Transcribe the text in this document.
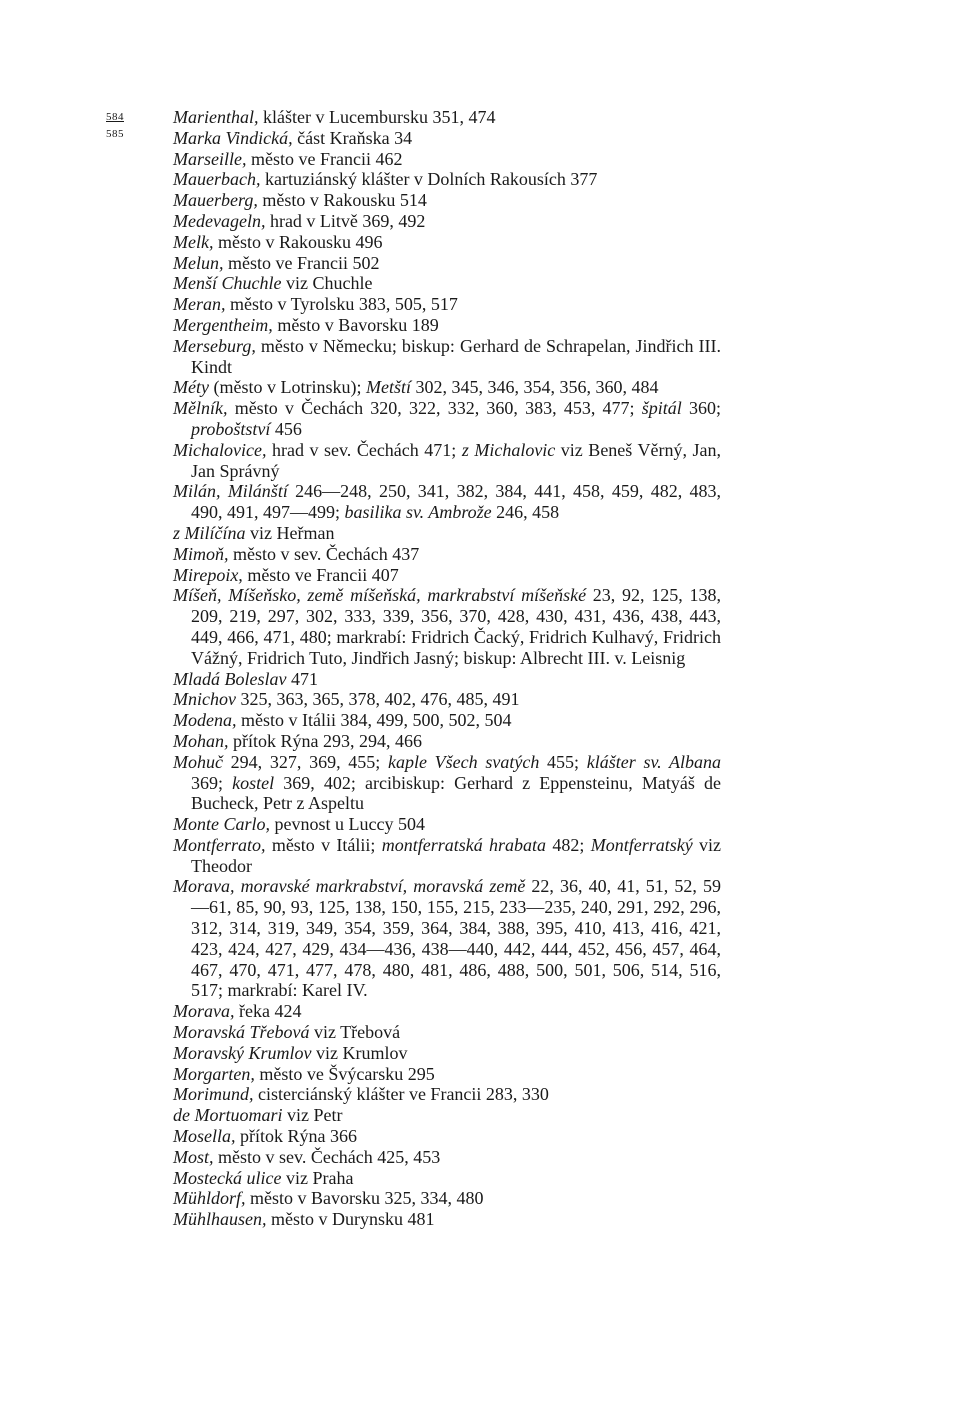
584
585

Marienthal, klášter v Lucembursku 351, 474

Marka Vindická, část Kraňska 34

Marseille, město ve Francii 462

Mauerbach, kartuziánský klášter v Dolních Rakousích 377

Mauerberg, město v Rakousku 514

Medevageln, hrad v Litvě 369, 492

Melk, město v Rakousku 496

Melun, město ve Francii 502

Menší Chuchle viz Chuchle

Meran, město v Tyrolsku 383, 505, 517

Mergentheim, město v Bavorsku 189

Merseburg, město v Německu; biskup: Gerhard de Schrapelan, Jindřich III. Kindt

Méty (město v Lotrinsku); Metští 302, 345, 346, 354, 356, 360, 484

Mělník, město v Čechách 320, 322, 332, 360, 383, 453, 477; špitál 360; proboštství 456

Michalovice, hrad v sev. Čechách 471; z Michalovic viz Beneš Věrný, Jan, Jan Správný

Milán, Milánští 246—248, 250, 341, 382, 384, 441, 458, 459, 482, 483, 490, 491, 497—499; basilika sv. Ambrože 246, 458

z Milíčína viz Heřman

Mimoň, město v sev. Čechách 437

Mirepoix, město ve Francii 407

Míšeň, Míšeňsko, země míšeňská, markrabství míšeňské 23, 92, 125, 138, 209, 219, 297, 302, 333, 339, 356, 370, 428, 430, 431, 436, 438, 443, 449, 466, 471, 480; markrabí: Fridrich Čacký, Fridrich Kulhavý, Fridrich Vážný, Fridrich Tuto, Jindřich Jasný; biskup: Albrecht III. v. Leisnig

Mladá Boleslav 471

Mnichov 325, 363, 365, 378, 402, 476, 485, 491

Modena, město v Itálii 384, 499, 500, 502, 504

Mohan, přítok Rýna 293, 294, 466

Mohuč 294, 327, 369, 455; kaple Všech svatých 455; klášter sv. Albana 369; kostel 369, 402; arcibiskup: Gerhard z Eppensteinu, Matyáš de Bucheck, Petr z Aspeltu

Monte Carlo, pevnost u Luccy 504

Montferrato, město v Itálii; montferratská hrabata 482; Montferratský viz Theodor

Morava, moravské markrabství, moravská země 22, 36, 40, 41, 51, 52, 59—61, 85, 90, 93, 125, 138, 150, 155, 215, 233—235, 240, 291, 292, 296, 312, 314, 319, 349, 354, 359, 364, 384, 388, 395, 410, 413, 416, 421, 423, 424, 427, 429, 434—436, 438—440, 442, 444, 452, 456, 457, 464, 467, 470, 471, 477, 478, 480, 481, 486, 488, 500, 501, 506, 514, 516, 517; markrabí: Karel IV.

Morava, řeka 424

Moravská Třebová viz Třebová

Moravský Krumlov viz Krumlov

Morgarten, město ve Švýcarsku 295

Morimund, cisterciánský klášter ve Francii 283, 330

de Mortuomari viz Petr

Mosella, přítok Rýna 366

Most, město v sev. Čechách 425, 453

Mostecká ulice viz Praha

Mühldorf, město v Bavorsku 325, 334, 480

Mühlhausen, město v Durynsku 481
